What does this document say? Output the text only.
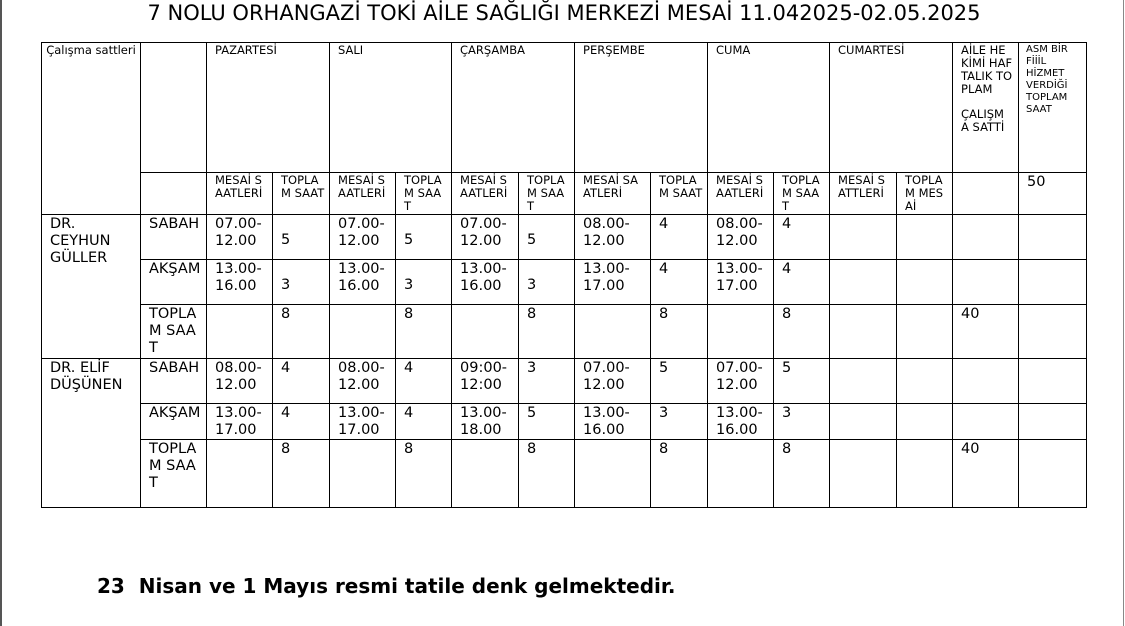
7 NOLU ORHANGAZİ TOKİ AİLE SAĞLIĞI MERKEZİ MESAİ 11.042025-02.05.2025
Çalışma sattleri		PAZARTESİ		SALI		ÇARŞAMBA		PERŞEMBE		CUMA		CUMARTESİ		AİLE HEKİMİ HAFTALIK TOPLAM
ÇALIŞMA SATTİ	ASM BİR FİİİL HİZMET VERDİĞİ TOPLAM SAAT
		MESAİ SAATLERİ	TOPLAM SAAT	MESAİ SAATLERİ	TOPLAM SAAT	MESAİ SAATLERİ	TOPLAM SAAT	MESAİ SAATLERİ	TOPLAM SAAT	MESAİ SAATLERİ	TOPLAM SAAT	MESAİ SATTLERİ	TOPLAM MESAİ		50
DR. CEYHUN GÜLLER	SABAH	07.00-12.00	5	07.00-12.00	5	07.00-12.00	5	08.00-12.00	4	08.00-12.00	4				
	AKŞAM	13.00-16.00	3	13.00-16.00	3	13.00-16.00	3	13.00-17.00	4	13.00-17.00	4				
	TOPLAM SAAT		8		8		8		8		8			40	
DR. ELİF DÜŞÜNEN	SABAH	08.00-12.00	4	08.00-12.00	4	09:00-12:00	3	07.00-12.00	5	07.00-12.00	5				
	AKŞAM	13.00-17.00	4	13.00-17.00	4	13.00-18.00	5	13.00-16.00	3	13.00-16.00	3				
	TOPLAM SAAT		8		8		8		8		8			40	
23  Nisan ve 1 Mayıs resmi tatile denk gelmektedir.
